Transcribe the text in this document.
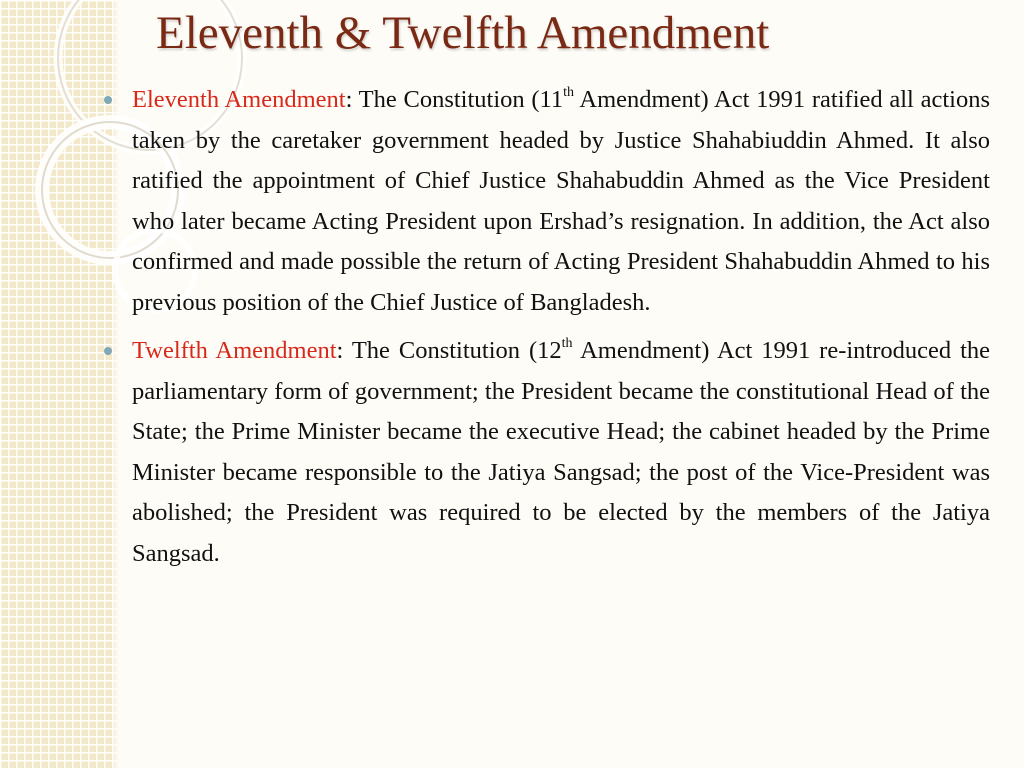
Eleventh & Twelfth Amendment
Eleventh Amendment: The Constitution (11th Amendment) Act 1991 ratified all actions taken by the caretaker government headed by Justice Shahabiuddin Ahmed. It also ratified the appointment of Chief Justice Shahabuddin Ahmed as the Vice President who later became Acting President upon Ershad’s resignation. In addition, the Act also confirmed and made possible the return of Acting President Shahabuddin Ahmed to his previous position of the Chief Justice of Bangladesh.
Twelfth Amendment: The Constitution (12th Amendment) Act 1991 re-introduced the parliamentary form of government; the President became the constitutional Head of the State; the Prime Minister became the executive Head; the cabinet headed by the Prime Minister became responsible to the Jatiya Sangsad; the post of the Vice-President was abolished; the President was required to be elected by the members of the Jatiya Sangsad.
